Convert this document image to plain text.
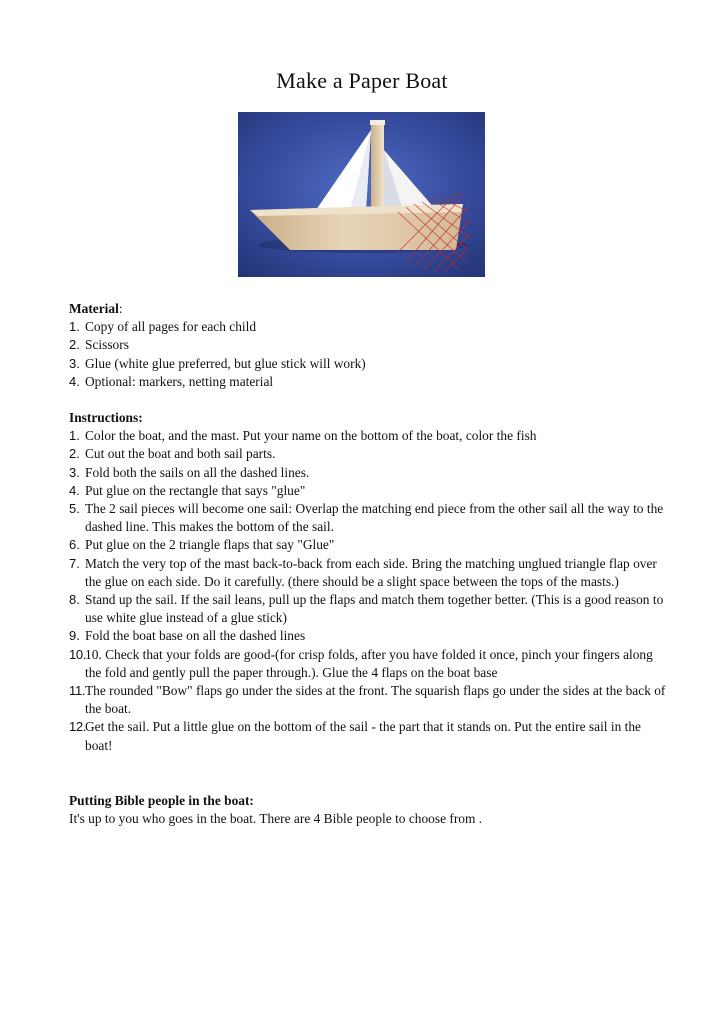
Make a Paper Boat
Material:
1. Copy of all pages for each child
2. Scissors
3. Glue (white glue preferred, but glue stick will work)
4. Optional: markers, netting material
Instructions:
1. Color the boat, and the mast. Put your name on the bottom of the boat, color the fish
2. Cut out the boat and both sail parts.
3. Fold both the sails on all the dashed lines.
4. Put glue on the rectangle that says "glue"
5. The 2 sail pieces will become one sail: Overlap the matching end piece from the other sail all the way to the dashed line. This makes the bottom of the sail.
6. Put glue on the 2 triangle flaps that say "Glue"
7. Match the very top of the mast back-to-back from each side. Bring the matching unglued triangle flap over the glue on each side. Do it carefully. (there should be a slight space between the tops of the masts.)
8. Stand up the sail. If the sail leans, pull up the flaps and match them together better. (This is a good reason to use white glue instead of a glue stick)
9. Fold the boat base on all the dashed lines
10.
10. Check that your folds are good-(for crisp folds, after you have folded it once, pinch your fingers along the fold and gently pull the paper through.). Glue the 4 flaps on the boat base
11. The rounded "Bow" flaps go under the sides at the front. The squarish flaps go under the sides at the back of the boat.
12.
Get the sail. Put a little glue on the bottom of the sail - the part that it stands on. Put the entire sail in the boat!
Putting Bible people in the boat:
It's up to you who goes in the boat. There are 4 Bible people to choose from .
